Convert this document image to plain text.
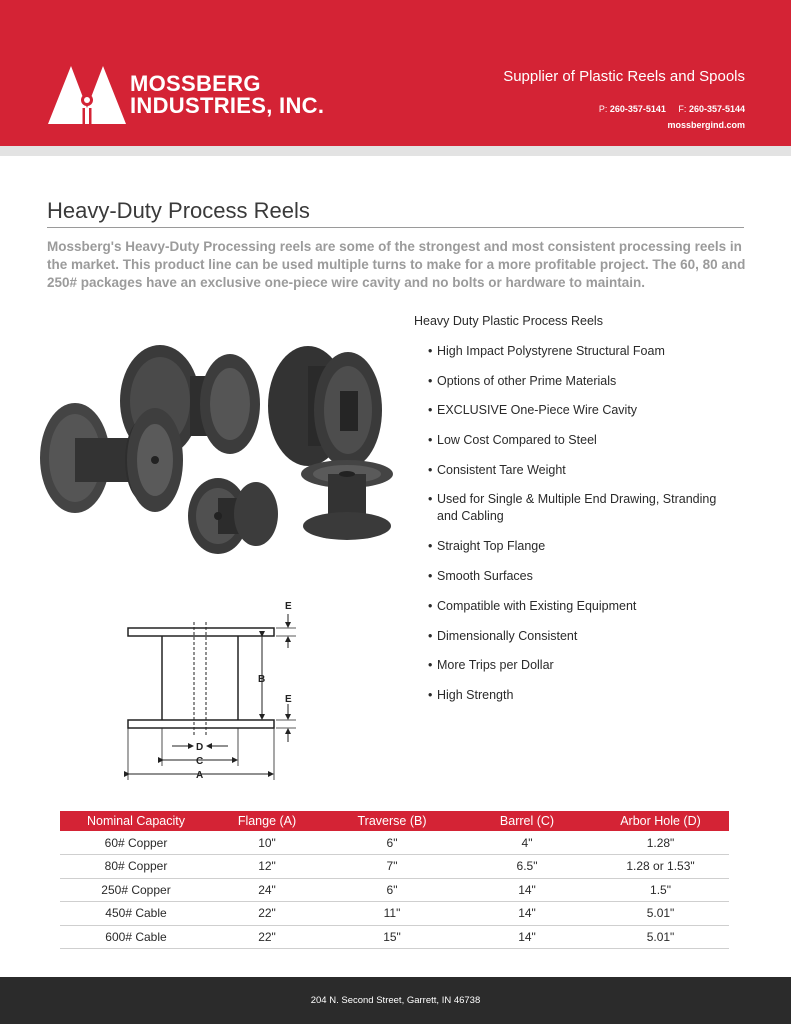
MOSSBERG
INDUSTRIES, INC.
Supplier of Plastic Reels and Spools
P: 260-357-5141 F: 260-357-5144
mossbergind.com
Heavy-Duty Process Reels

Mossberg's Heavy-Duty Processing reels are some of the strongest and most consistent processing reels in the market. This product line can be used multiple turns to make for a more profitable project. The 60, 80 and 250# packages have an exclusive one-piece wire cavity and no bolts or hardware to maintain.

Heavy Duty Plastic Process Reels
• High Impact Polystyrene Structural Foam
• Options of other Prime Materials
• EXCLUSIVE One-Piece Wire Cavity
• Low Cost Compared to Steel
• Consistent Tare Weight
• Used for Single & Multiple End Drawing, Stranding and Cabling
• Straight Top Flange
• Smooth Surfaces
• Compatible with Existing Equipment
• Dimensionally Consistent
• More Trips per Dollar
• High Strength
E
B
E
D
C
A
Nominal Capacity	Flange (A)	Traverse (B)	Barrel (C)	Arbor Hole (D)
60# Copper	10"	6"	4"	1.28"
80# Copper	12"	7"	6.5"	1.28 or 1.53"
250# Copper	24"	6"	14"	1.5"
450# Cable	22"	11"	14"	5.01"
600# Cable	22"	15"	14"	5.01"
204 N. Second Street, Garrett, IN 46738
